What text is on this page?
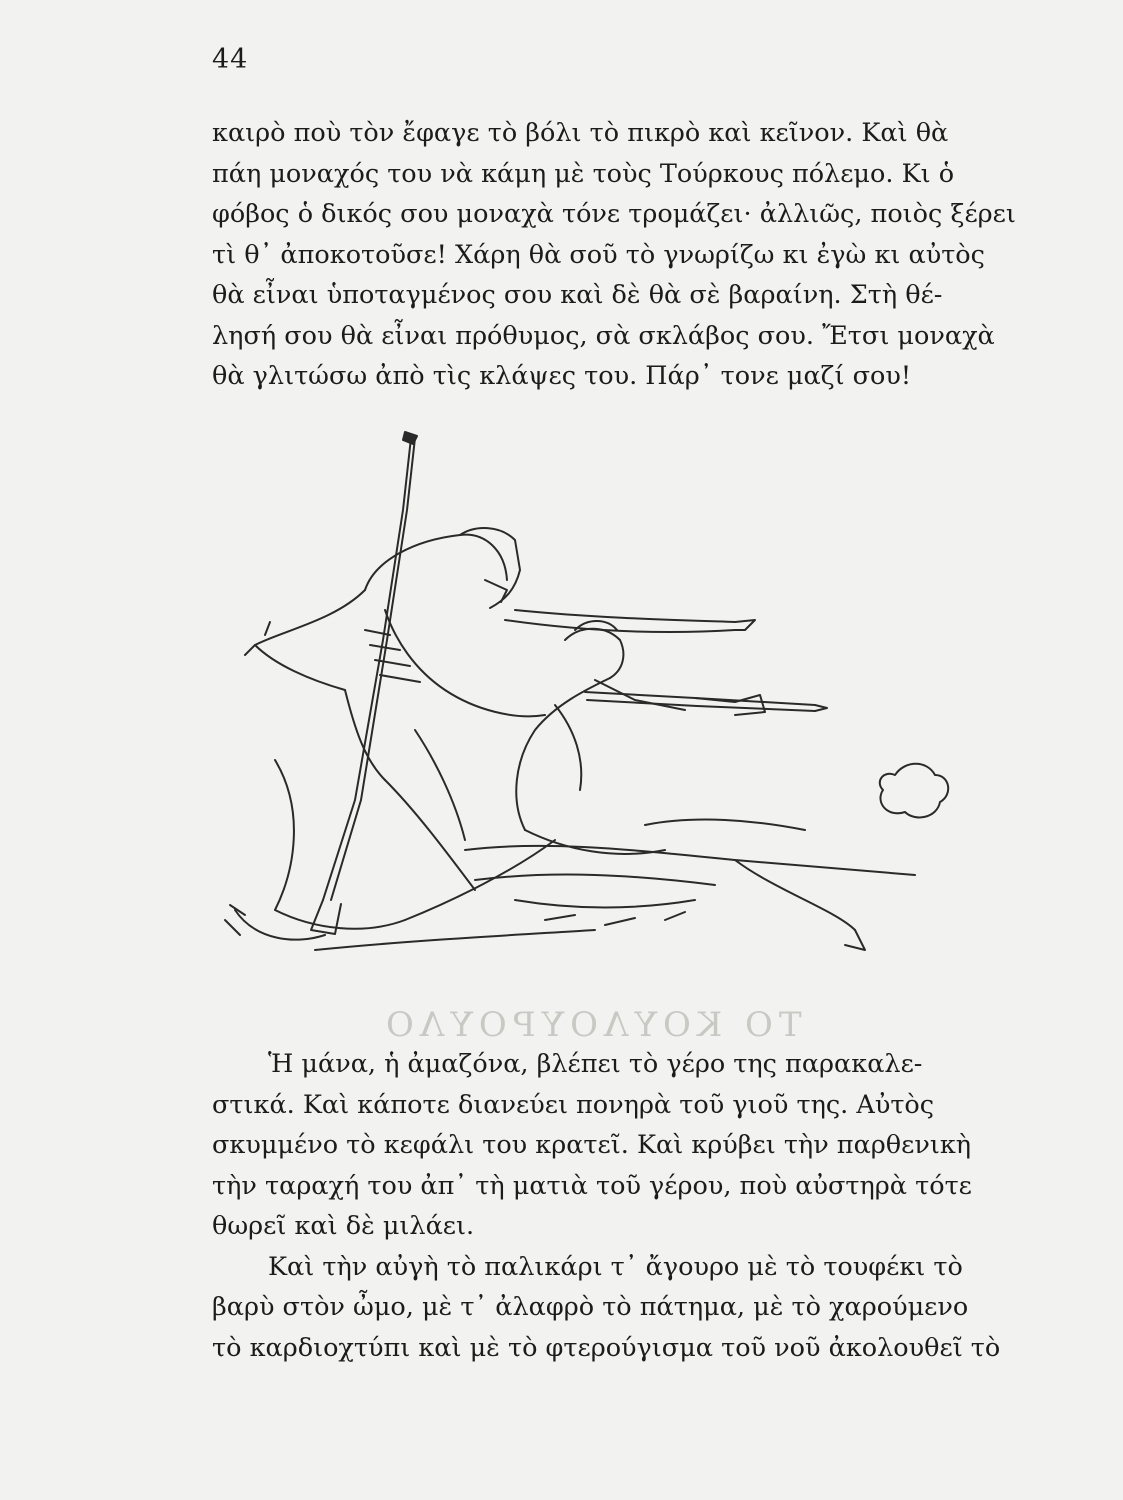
44
καιρὸ ποὺ τὸν ἔφαγε τὸ βόλι τὸ πικρὸ καὶ κεῖνον. Καὶ θὰ
πάη μοναχός του νὰ κάμη μὲ τοὺς Τούρκους πόλεμο. Κι ὁ
φόβος ὁ δικός σου μοναχὰ τόνε τρομάζει· ἀλλιῶς, ποιὸς ξέρει
τὶ θ᾽ ἀποκοτοῦσε! Χάρη θὰ σοῦ τὸ γνωρίζω κι ἐγὼ κι αὐτὸς
θὰ εἶναι ὑποταγμένος σου καὶ δὲ θὰ σὲ βαραίνη. Στὴ θέ-
λησή σου θὰ εἶναι πρόθυμος, σὰ σκλάβος σου. Ἔτσι μοναχὰ
θὰ γλιτώσω ἀπὸ τὶς κλάψες του. Πάρ᾽ τονε μαζί σου!
ΤΟ ΚΟΥΛΟΥΡΟΥΛΟ
Ἡ μάνα, ἡ ἀμαζόνα, βλέπει τὸ γέρο της παρακαλε-
στικά. Καὶ κάποτε διανεύει πονηρὰ τοῦ γιοῦ της. Αὐτὸς
σκυμμένο τὸ κεφάλι του κρατεῖ. Καὶ κρύβει τὴν παρθενικὴ
τὴν ταραχή του ἀπ᾽ τὴ ματιὰ τοῦ γέρου, ποὺ αὐστηρὰ τότε
θωρεῖ καὶ δὲ μιλάει.
Καὶ τὴν αὐγὴ τὸ παλικάρι τ᾽ ἄγουρο μὲ τὸ τουφέκι τὸ
βαρὺ στὸν ὦμο, μὲ τ᾽ ἀλαφρὸ τὸ πάτημα, μὲ τὸ χαρούμενο
τὸ καρδιοχτύπι καὶ μὲ τὸ φτερούγισμα τοῦ νοῦ ἀκολουθεῖ τὸ
